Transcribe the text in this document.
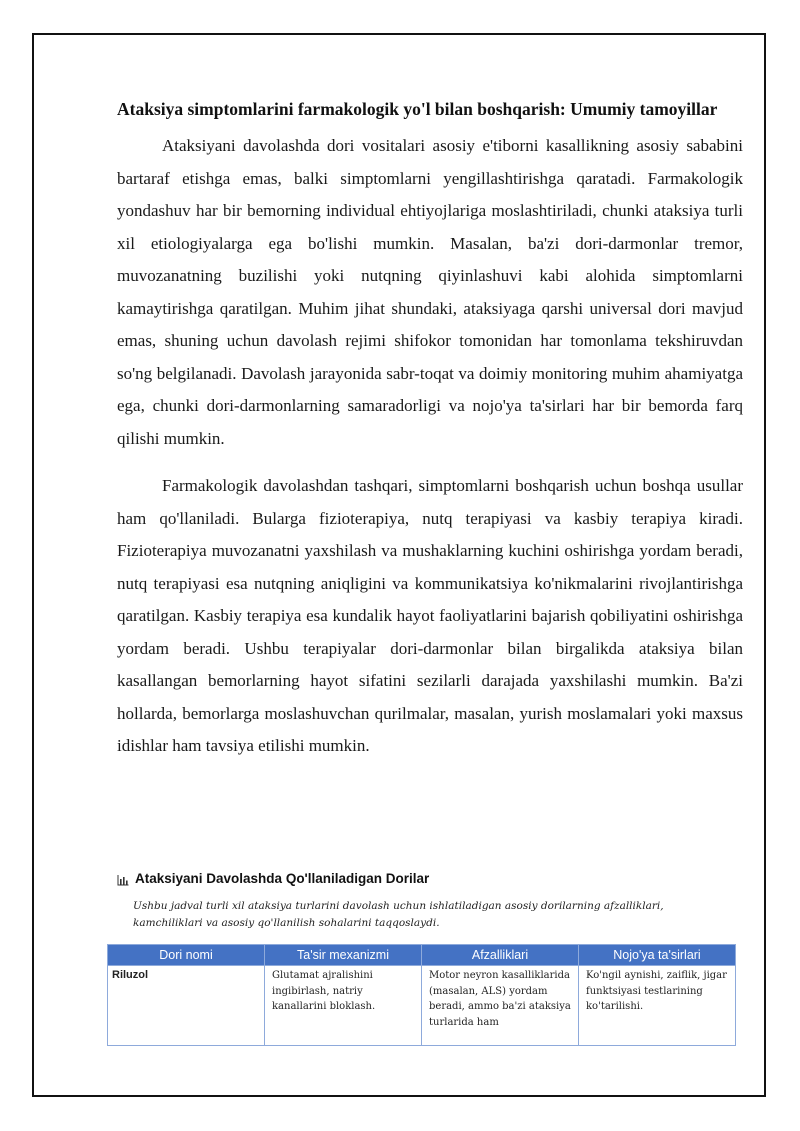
Ataksiya simptomlarini farmakologik yo'l bilan boshqarish: Umumiy tamoyillar

Ataksiyani davolashda dori vositalari asosiy e'tiborni kasallikning asosiy sababini bartaraf etishga emas, balki simptomlarni yengillashtirishga qaratadi. Farmakologik yondashuv har bir bemorning individual ehtiyojlariga moslashtiriladi, chunki ataksiya turli xil etiologiyalarga ega bo'lishi mumkin. Masalan, ba'zi dori-darmonlar tremor, muvozanatning buzilishi yoki nutqning qiyinlashuvi kabi alohida simptomlarni kamaytirishga qaratilgan. Muhim jihat shundaki, ataksiyaga qarshi universal dori mavjud emas, shuning uchun davolash rejimi shifokor tomonidan har tomonlama tekshiruvdan so'ng belgilanadi. Davolash jarayonida sabr-toqat va doimiy monitoring muhim ahamiyatga ega, chunki dori-darmonlarning samaradorligi va nojo'ya ta'sirlari har bir bemorda farq qilishi mumkin.

Farmakologik davolashdan tashqari, simptomlarni boshqarish uchun boshqa usullar ham qo'llaniladi. Bularga fizioterapiya, nutq terapiyasi va kasbiy terapiya kiradi. Fizioterapiya muvozanatni yaxshilash va mushaklarning kuchini oshirishga yordam beradi, nutq terapiyasi esa nutqning aniqligini va kommunikatsiya ko'nikmalarini rivojlantirishga qaratilgan. Kasbiy terapiya esa kundalik hayot faoliyatlarini bajarish qobiliyatini oshirishga yordam beradi. Ushbu terapiyalar dori-darmonlar bilan birgalikda ataksiya bilan kasallangan bemorlarning hayot sifatini sezilarli darajada yaxshilashi mumkin. Ba'zi hollarda, bemorlarga moslashuvchan qurilmalar, masalan, yurish moslamalari yoki maxsus idishlar ham tavsiya etilishi mumkin.

Ataksiyani Davolashda Qo'llaniladigan Dorilar
Ushbu jadval turli xil ataksiya turlarini davolash uchun ishlatiladigan asosiy dorilarning afzalliklari, kamchiliklari va asosiy qo'llanilish sohalarini taqqoslaydi.
Dori nomi	Ta'sir mexanizmi	Afzalliklari	Nojo'ya ta'sirlari
Riluzol	Glutamat ajralishini ingibirlash, natriy kanallarini bloklash.	Motor neyron kasalliklarida (masalan, ALS) yordam beradi, ammo ba'zi ataksiya turlarida ham	Ko'ngil aynishi, zaiflik, jigar funktsiyasi testlarining ko'tarilishi.
